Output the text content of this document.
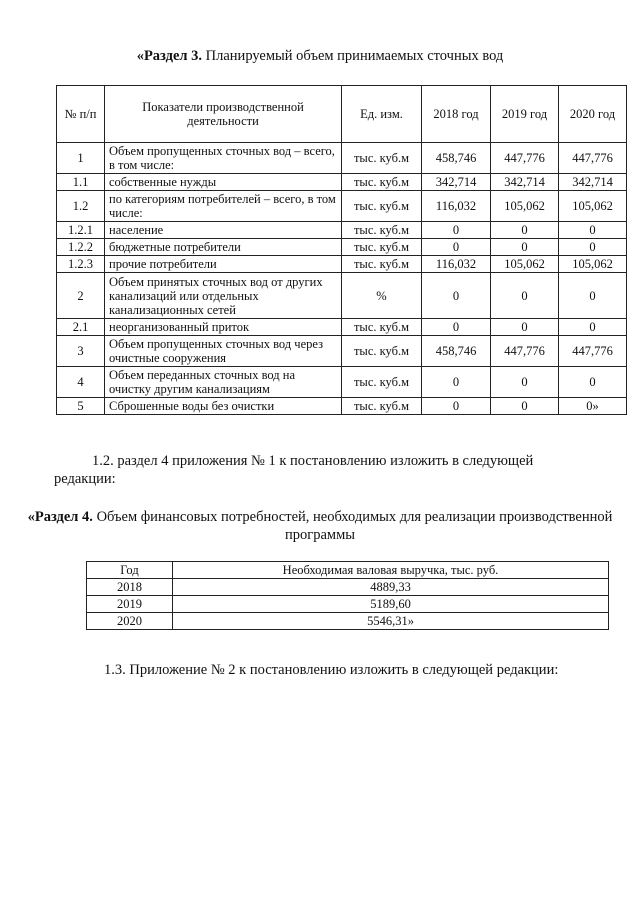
«Раздел 3. Планируемый объем принимаемых сточных вод
№ п/п	Показатели производственной деятельности	Ед. изм.	2018 год	2019 год	2020 год
1	Объем пропущенных сточных вод – всего, в том числе:	тыс. куб.м	458,746	447,776	447,776
1.1	собственные нужды	тыс. куб.м	342,714	342,714	342,714
1.2	по категориям потребителей – всего, в том числе:	тыс. куб.м	116,032	105,062	105,062
1.2.1	население	тыс. куб.м	0	0	0
1.2.2	бюджетные потребители	тыс. куб.м	0	0	0
1.2.3	прочие потребители	тыс. куб.м	116,032	105,062	105,062
2	Объем принятых сточных вод от других канализаций или отдельных канализационных сетей	%	0	0	0
2.1	неорганизованный приток	тыс. куб.м	0	0	0
3	Объем пропущенных сточных вод через очистные сооружения	тыс. куб.м	458,746	447,776	447,776
4	Объем переданных сточных вод на очистку другим канализациям	тыс. куб.м	0	0	0
5	Сброшенные воды без очистки	тыс. куб.м	0	0	0»
1.2. раздел 4 приложения № 1 к постановлению изложить в следующей редакции:
«Раздел 4. Объем финансовых потребностей, необходимых для реализации производственной программы
Год	Необходимая валовая выручка, тыс. руб.
2018	4889,33
2019	5189,60
2020	5546,31»
1.3. Приложение № 2 к постановлению изложить в следующей редакции:
